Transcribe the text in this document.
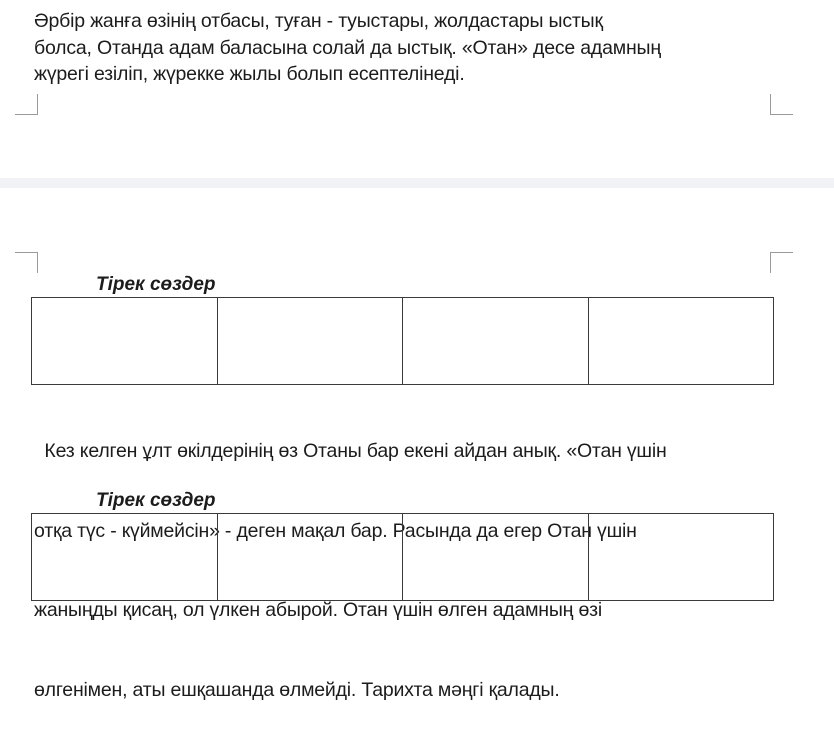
Әрбір жанға өзінің отбасы, туған - туыстары, жолдастары ыстық
болса, Отанда адам баласына солай да ыстық. «Отан» десе адамның
жүрегі езіліп, жүрекке жылы болып есептелінеді.

Тірек сөздер

Кез келген ұлт өкілдерінің өз Отаны бар екені айдан анық. «Отан үшін

отқа түс - күймейсін» - деген мақал бар. Расында да егер Отан үшін

жаныңды қисаң, ол үлкен абырой. Отан үшін өлген адамның өзі

өлгенімен, аты ешқашанда өлмейді. Тарихта мәңгі қалады.

Тірек сөздер
